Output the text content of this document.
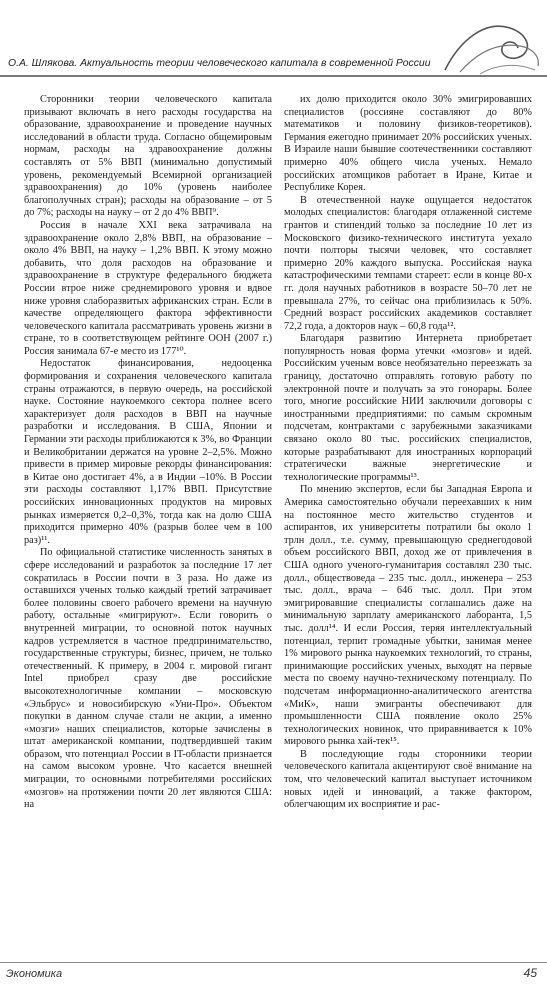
О.А. Шлякова. Актуальность теории человеческого капитала в современной России

Сторонники теории человеческого капитала призывают включать в него расходы государства на образование, здравоохранение и проведение научных исследований в области труда. Согласно общемировым нормам, расходы на здравоохранение должны составлять от 5% ВВП (минимально допустимый уровень, рекомендуемый Всемирной организацией здравоохранения) до 10% (уровень наиболее благополучных стран); расходы на образование – от 5 до 7%; расходы на науку – от 2 до 4% ВВП⁹.

Россия в начале XXI века затрачивала на здравоохранение около 2,8% ВВП, на образование – около 4% ВВП, на науку – 1,2% ВВП. К этому можно добавить, что доля расходов на образование и здравоохранение в структуре федерального бюджета России втрое ниже среднемирового уровня и вдвое ниже уровня слаборазвитых африканских стран. Если в качестве определяющего фактора эффективности человеческого капитала рассматривать уровень жизни в стране, то в соответствующем рейтинге ООН (2007 г.) Россия занимала 67-е место из 177¹⁰.

Недостаток финансирования, недооценка формирования и сохранения человеческого капитала страны отражаются, в первую очередь, на российской науке. Состояние наукоемкого сектора полнее всего характеризует доля расходов в ВВП на научные разработки и исследования. В США, Японии и Германии эти расходы приближаются к 3%, во Франции и Великобритании держатся на уровне 2–2,5%. Можно привести в пример мировые рекорды финансирования: в Китае оно достигает 4%, а в Индии –10%. В России эти расходы составляют 1,17% ВВП. Присутствие российских инновационных продуктов на мировых рынках измеряется 0,2–0,3%, тогда как на долю США приходится примерно 40% (разрыв более чем в 100 раз)¹¹.

По официальной статистике численность занятых в сфере исследований и разработок за последние 17 лет сократилась в России почти в 3 раза. Но даже из оставшихся ученых только каждый третий затрачивает более половины своего рабочего времени на научную работу, остальные «мигрируют». Если говорить о внутренней миграции, то основной поток научных кадров устремляется в частное предпринимательство, государственные структуры, бизнес, причем, не только отечественный. К примеру, в 2004 г. мировой гигант Intel приобрел сразу две российские высокотехнологичные компании – московскую «Эльбрус» и новосибирскую «Уни-Про». Объектом покупки в данном случае стали не акции, а именно «мозги» наших специалистов, которые зачислены в штат американской компании, подтвердившей таким образом, что потенциал России в IT-области признается на самом высоком уровне. Что касается внешней миграции, то основными потребителями российских «мозгов» на протяжении почти 20 лет являются США: на

их долю приходится около 30% эмигрировавших специалистов (россияне составляют до 80% математиков и половину физиков-теоретиков). Германия ежегодно принимает 20% российских ученых. В Израиле наши бывшие соотечественники составляют примерно 40% общего числа ученых. Немало российских атомщиков работает в Иране, Китае и Республике Корея.

В отечественной науке ощущается недостаток молодых специалистов: благодаря отлаженной системе грантов и стипендий только за последние 10 лет из Московского физико-технического института уехало почти полторы тысячи человек, что составляет примерно 20% каждого выпуска. Российская наука катастрофическими темпами стареет: если в конце 80-х гг. доля научных работников в возрасте 50–70 лет не превышала 27%, то сейчас она приблизилась к 50%. Средний возраст российских академиков составляет 72,2 года, а докторов наук – 60,8 года¹².

Благодаря развитию Интернета приобретает популярность новая форма утечки «мозгов» и идей. Российским ученым вовсе необязательно переезжать за границу, достаточно отправлять готовую работу по электронной почте и получать за это гонорары. Более того, многие российские НИИ заключили договоры с иностранными предприятиями: по самым скромным подсчетам, контрактами с зарубежными заказчиками связано около 80 тыс. российских специалистов, которые разрабатывают для иностранных корпораций стратегически важные энергетические и технологические программы¹³.

По мнению экспертов, если бы Западная Европа и Америка самостоятельно обучали переехавших к ним на постоянное место жительство студентов и аспирантов, их университеты потратили бы около 1 трлн долл., т.е. сумму, превышающую среднегодовой объем российского ВВП, доход же от привлечения в США одного ученого-гуманитария составлял 230 тыс. долл., обществоведа – 235 тыс. долл., инженера – 253 тыс. долл., врача – 646 тыс. долл. При этом эмигрировавшие специалисты соглашались даже на минимальную зарплату американского лаборанта, 1,5 тыс. долл¹⁴. И если Россия, теряя интеллектуальный потенциал, терпит громадные убытки, занимая менее 1% мирового рынка наукоемких технологий, то страны, принимающие российских ученых, выходят на первые места по своему научно-техническому потенциалу. По подсчетам информационно-аналитического агентства «МиК», наши эмигранты обеспечивают для промышленности США появление около 25% технологических новинок, что приравнивается к 10% мирового рынка хай-тек¹⁵.

В последующие годы сторонники теории человеческого капитала акцентируют своё внимание на том, что человеческий капитал выступает источником новых идей и инноваций, а также фактором, облегчающим их восприятие и рас-

Экономика	45
